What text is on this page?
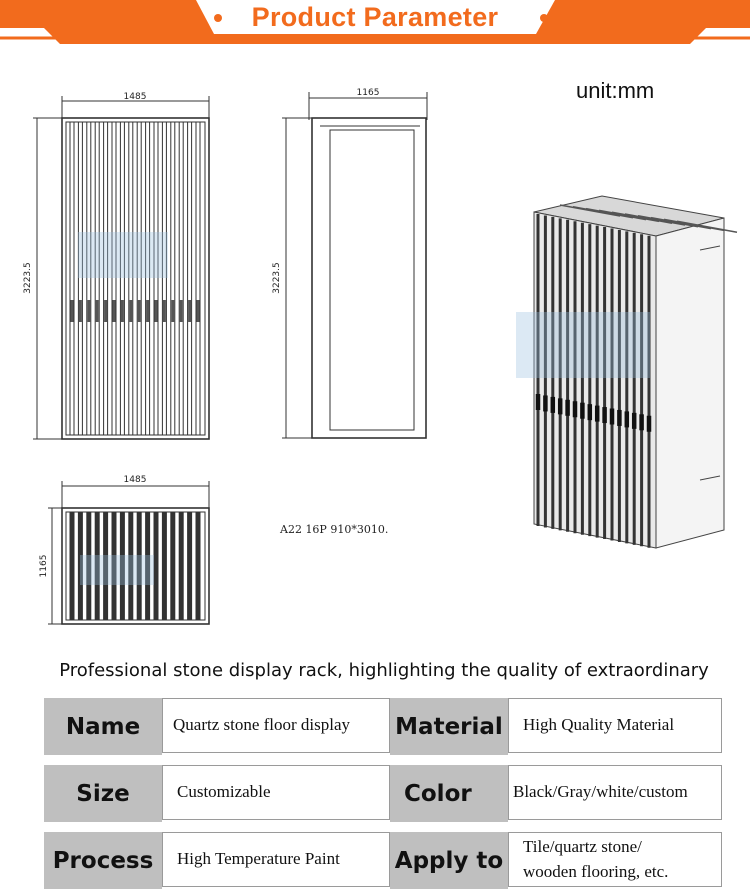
Product Parameter
unit:mm
1485
3223.5
1165
3223.5
1485
1165
A22 16P 910*3010.
Professional stone display rack, highlighting the quality of extraordinary
Name	Quartz stone floor display	Material	High Quality Material
Size	Customizable	Color	Black/Gray/white/custom
Process	High Temperature Paint	Apply to
Tile/quartz stone/
wooden flooring, etc.
